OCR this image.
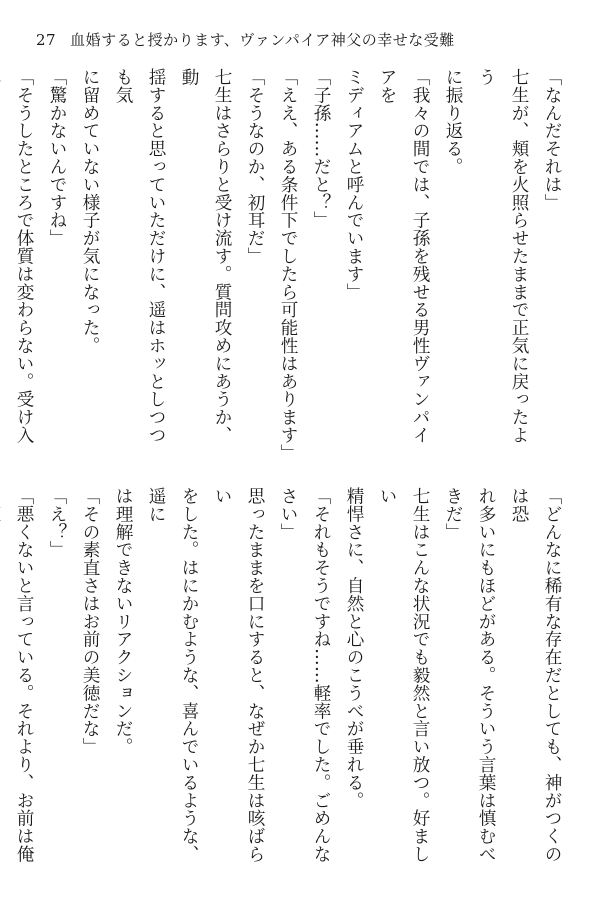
27 血婚すると授かります、ヴァンパイア神父の幸せな受難

「なんだそれは」

七生が、頬を火照らせたままで正気に戻ったよう

に振り返る。

「我々の間では、子孫を残せる男性ヴァンパイアを

ミディアムと呼んでいます」

「子孫……だと？」

「ええ、ある条件下でしたら可能性はあります」

「そうなのか、初耳だ」

七生はさらりと受け流す。質問攻めにあうか、動

揺すると思っていただけに、遥はホッとしつつも気

に留めていない様子が気になった。

「驚かないんですね」

「そうしたところで体質は変わらない。受け入

「どんなに稀有な存在だとしても、神がつくのは恐

れ多いにもほどがある。そういう言葉は慎むべきだ」

七生はこんな状況でも毅然と言い放つ。好ましい

精悍さに、自然と心のこうべが垂れる。

「それもそうですね……軽率でした。ごめんなさい」

思ったままを口にすると、なぜか七生は咳ばらい

をした。はにかむような、喜んでいるような、遥に

は理解できないリアクションだ。

「その素直さはお前の美徳だな」

「え？」

「悪くないと言っている。それより、お前は俺
